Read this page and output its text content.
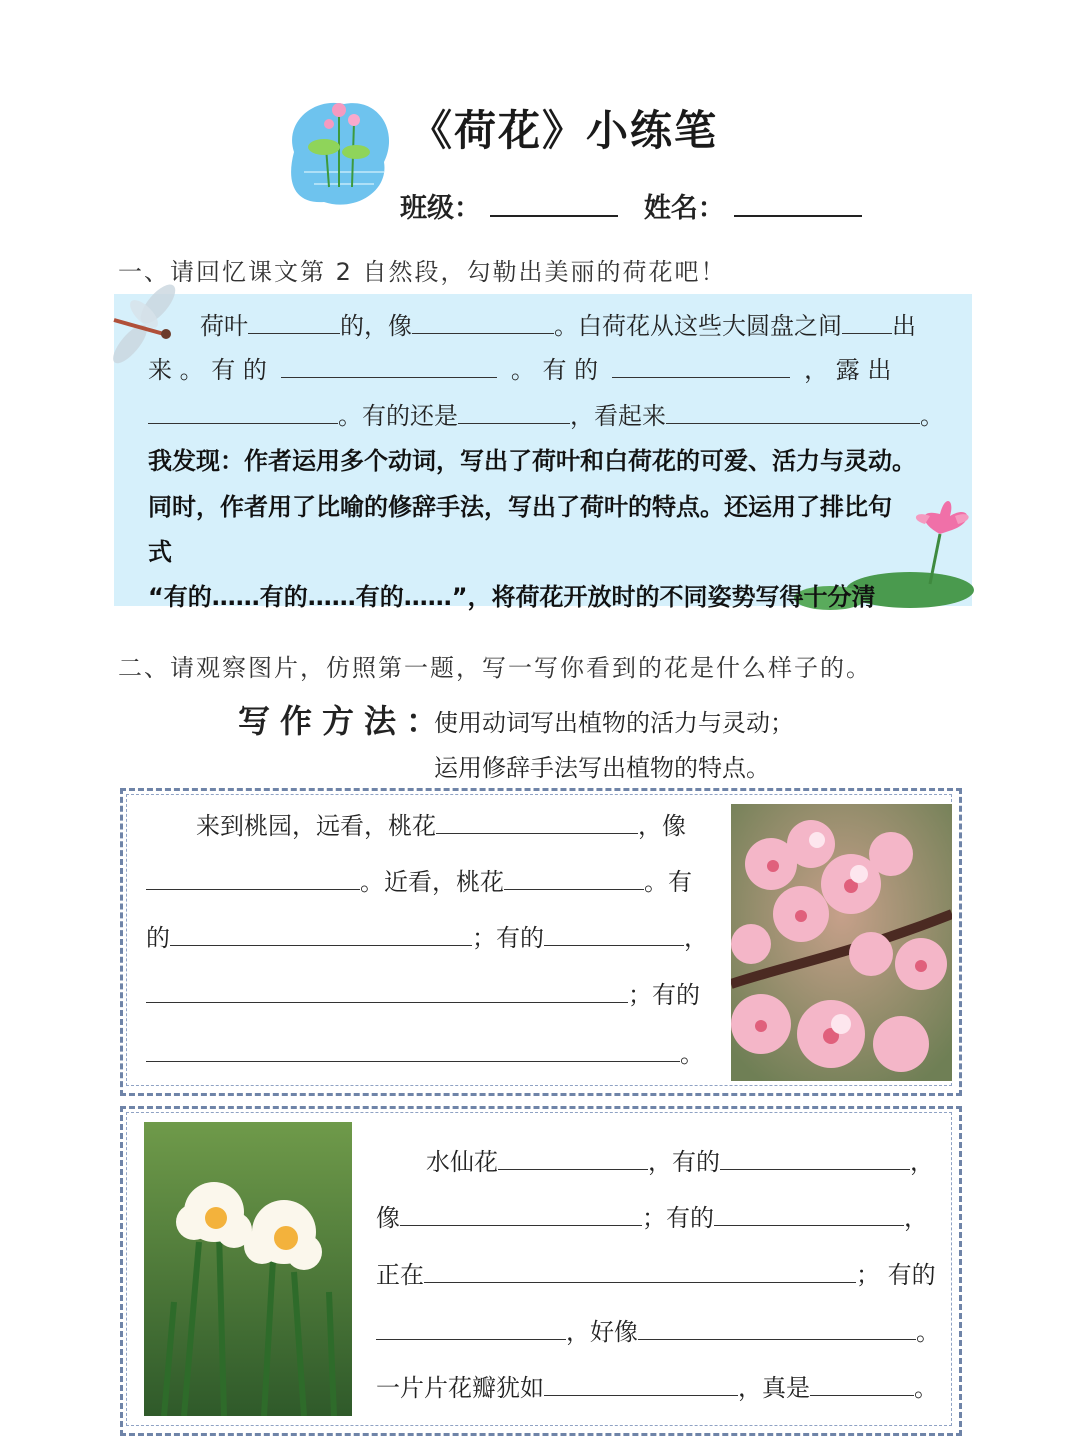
《荷花》小练笔
班级：	姓名：
一、请回忆课文第 2 自然段，勾勒出美丽的荷花吧！
荷叶	的，像	。白荷花从这些大圆盘之间 出
来 。 有 的	。 有 的	， 露 出
。有的还是	，看起来	。
我发现：作者运用多个动词，写出了荷叶和白荷花的可爱、活力与灵动。
同时，作者用了比喻的修辞手法，写出了荷叶的特点。还运用了排比句
式
“有的……有的……有的……”，将荷花开放时的不同姿势写得十分清
二、请观察图片，仿照第一题，写一写你看到的花是什么样子的。
写作方法：
使用动词写出植物的活力与灵动；
运用修辞手法写出植物的特点。
来到桃园，远看，桃花	，像
。近看，桃花	。有
的	；有的	，
；有的
。
水仙花	，有的	，
像	；有的	，
正在	； 有的
，好像	。
一片片花瓣犹如	，真是	。
